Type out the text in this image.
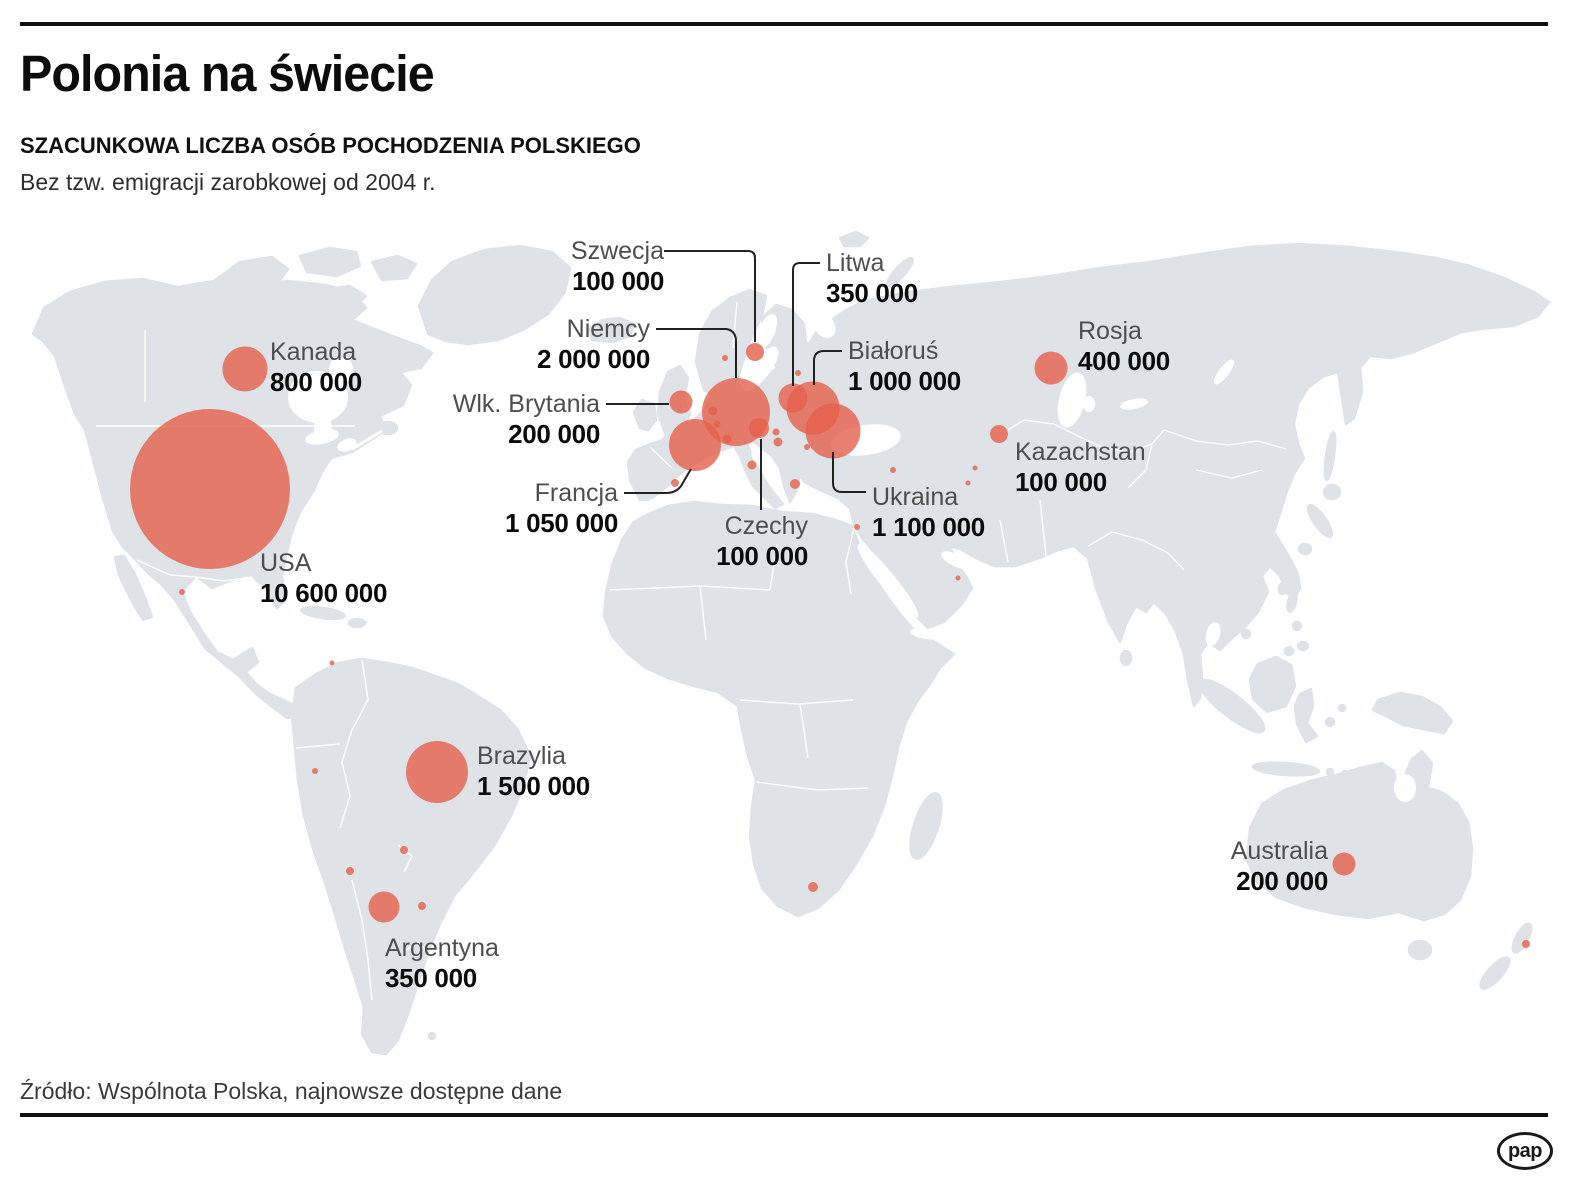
USA
10 600 000
Niemcy
2 000 000
Brazylia
1 500 000
Ukraina
1 100 000
Francja
1 050 000
Białoruś
1 000 000
Kanada
800 000
Rosja
400 000
Argentyna
350 000
Litwa
350 000
Wlk. Brytania
200 000
Australia
200 000
Szwecja
100 000
Czechy
100 000
Kazachstan
100 000
Polonia na świecie
SZACUNKOWA LICZBA OSÓB POCHODZENIA POLSKIEGO
Bez tzw. emigracji zarobkowej od 2004 r.
Źródło: Wspólnota Polska, najnowsze dostępne dane
pap
